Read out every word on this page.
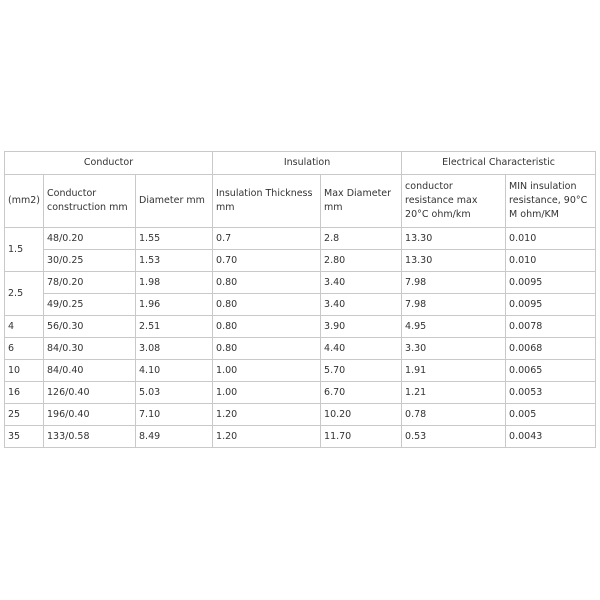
Conductor			Insulation		Electrical Characteristic	
(mm2)	Conductor construction mm	Diameter mm	Insulation Thickness mm	Max Diameter mm	conductor resistance max 20°C ohm/km	MIN insulation resistance, 90°C M ohm/KM
1.5	48/0.20	1.55	0.7	2.8	13.30	0.010
	30/0.25	1.53	0.70	2.80	13.30	0.010
2.5	78/0.20	1.98	0.80	3.40	7.98	0.0095
	49/0.25	1.96	0.80	3.40	7.98	0.0095
4	56/0.30	2.51	0.80	3.90	4.95	0.0078
6	84/0.30	3.08	0.80	4.40	3.30	0.0068
10	84/0.40	4.10	1.00	5.70	1.91	0.0065
16	126/0.40	5.03	1.00	6.70	1.21	0.0053
25	196/0.40	7.10	1.20	10.20	0.78	0.005
35	133/0.58	8.49	1.20	11.70	0.53	0.0043
